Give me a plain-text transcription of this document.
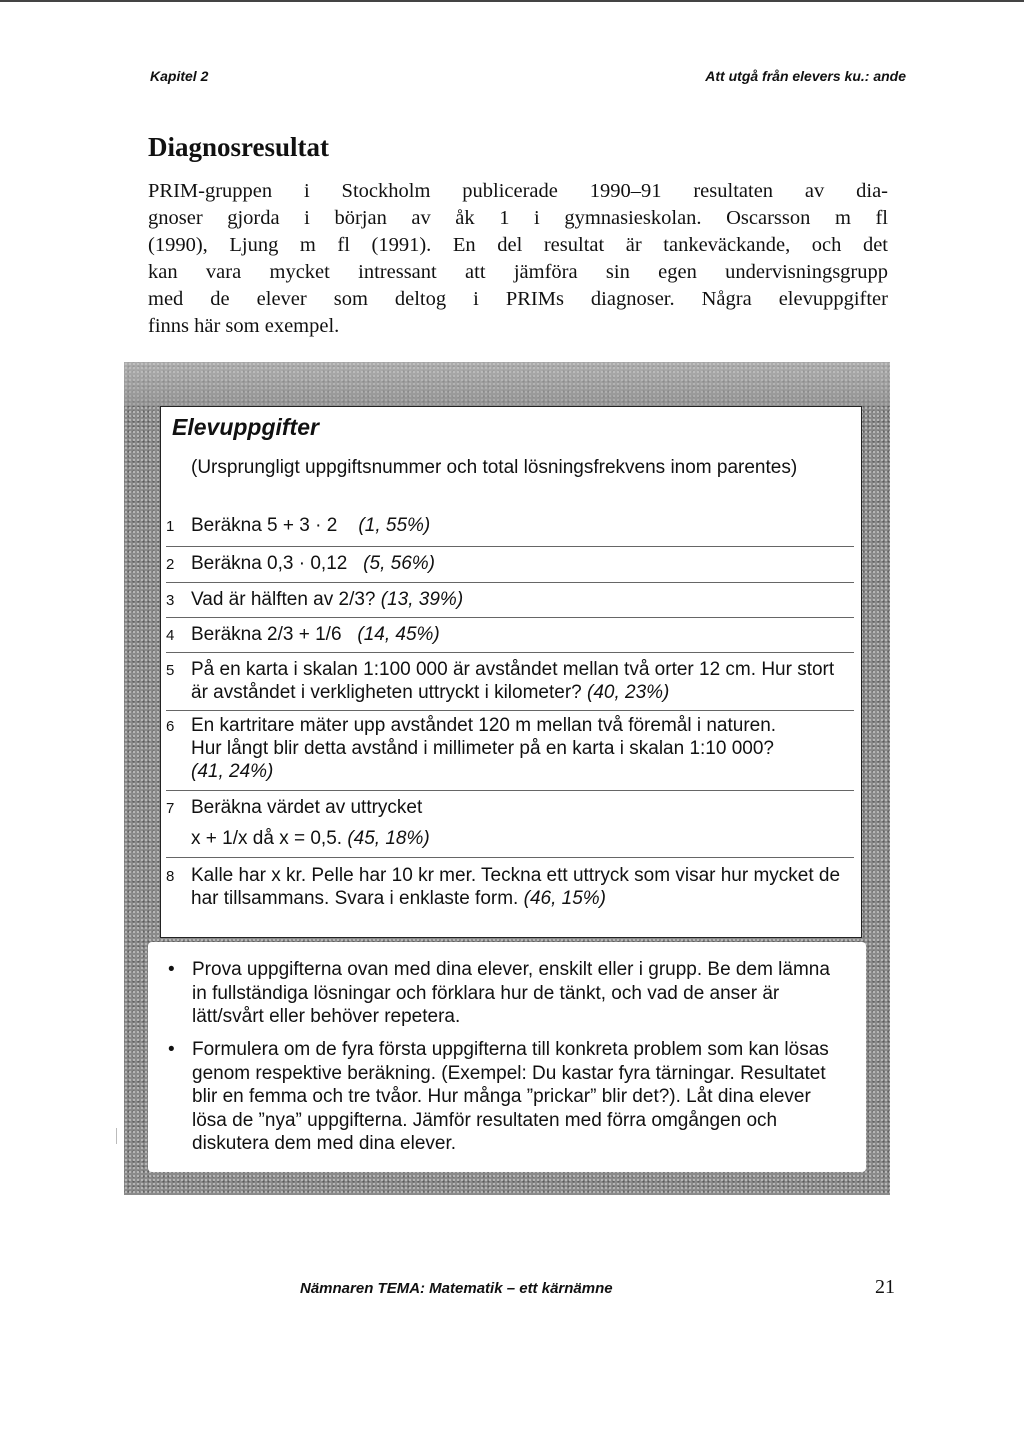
Kapitel 2	Att utgå från elevers ku.: ande
Diagnosresultat
PRIM-gruppen i Stockholm publicerade 1990–91 resultaten av dia-
gnoser gjorda i början av åk 1 i gymnasieskolan. Oscarsson m fl
(1990), Ljung m fl (1991). En del resultat är tankeväckande, och det
kan vara mycket intressant att jämföra sin egen undervisningsgrupp
med de elever som deltog i PRIMs diagnoser. Några elevuppgifter
finns här som exempel.
Elevuppgifter

(Ursprungligt uppgiftsnummer och total lösningsfrekvens inom parentes)

1 Beräkna 5 + 3 · 2 (1, 55%)
2 Beräkna 0,3 · 0,12 (5, 56%)
3 Vad är hälften av 2/3? (13, 39%)
4 Beräkna 2/3 + 1/6 (14, 45%)
5 På en karta i skalan 1:100 000 är avståndet mellan två orter 12 cm. Hur stort är avståndet i verkligheten uttryckt i kilometer? (40, 23%)
6 En kartritare mäter upp avståndet 120 m mellan två föremål i naturen. Hur långt blir detta avstånd i millimeter på en karta i skalan 1:10 000? (41, 24%)
7 Beräkna värdet av uttrycket
x + 1/x då x = 0,5. (45, 18%)
8 Kalle har x kr. Pelle har 10 kr mer. Teckna ett uttryck som visar hur mycket de har tillsammans. Svara i enklaste form. (46, 15%)
• Prova uppgifterna ovan med dina elever, enskilt eller i grupp. Be dem lämna in fullständiga lösningar och förklara hur de tänkt, och vad de anser är lätt/svårt eller behöver repetera.
• Formulera om de fyra första uppgifterna till konkreta problem som kan lösas genom respektive beräkning. (Exempel: Du kastar fyra tärningar. Resultatet blir en femma och tre tvåor. Hur många ”prickar” blir det?). Låt dina elever lösa de ”nya” uppgifterna. Jämför resultaten med förra omgången och diskutera dem med dina elever.
Nämnaren TEMA: Matematik – ett kärnämne	21
